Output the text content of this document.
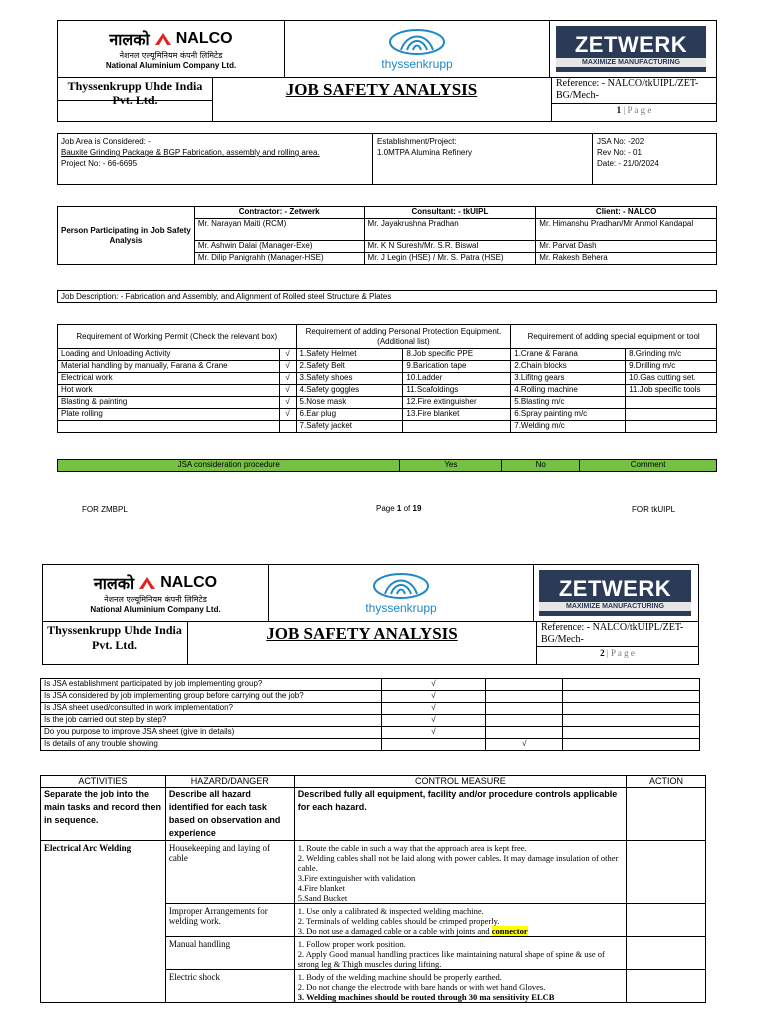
नालको NALCO
नेशनल एल्यूमिनियम कंपनी लिमिटेड
National Aluminium Company Ltd.	thyssenkrupp
ZETWERK
MAXIMIZE MANUFACTURING
Thyssenkrupp Uhde India Pvt. Ltd.
JOB SAFETY ANALYSIS	Reference: - NALCO/tkUIPL/ZET-BG/Mech-
1 | P a g e
Job Area is Considered: -
Bauxite Grinding Package & BGP Fabrication, assembly and rolling area.
Project No: - 66-6695
Establishment/Project:
1.0MTPA Alumina Refinery
JSA No: -202
Rev No: - 01
Date: - 21/0/2024
Person Participating in Job Safety Analysis	Contractor: - Zetwerk	Consultant: - tkUIPL	Client: - NALCO
	Mr. Narayan Maiti (RCM)	Mr. Jayakrushna Pradhan	Mr. Himanshu Pradhan/Mr Anmol Kandapal
	Mr. Ashwin Dalai (Manager-Exe)	Mr. K N Suresh/Mr. S.R. Biswal	Mr. Parvat Dash
	Mr. Dilip Panigrahh (Manager-HSE)	Mr. J Legin (HSE) / Mr. S. Patra (HSE)	Mr. Rakesh Behera
Job Description: - Fabrication and Assembly, and Alignment of Rolled steel Structure & Plates
Requirement of Working Permit (Check the relevant box)		Requirement of adding Personal Protection Equipment. (Additional list)		Requirement of adding special equipment or tool	
Loading and Unloading Activity	√	1.Safety Helmet	8.Job specific PPE	1.Crane & Farana	8.Grinding m/c
Material handling by manually, Farana & Crane	√	2.Safety Belt	9.Barication tape	2.Chain blocks	9.Drilling m/c
Electrical work	√	3.Safety shoes	10.Ladder	3.Lifitng gears	10.Gas cutting set.
Hot work	√	4.Safety goggles	11.Scafoldings	4.Rolling machine	11.Job specific tools
Blasting & painting	√	5.Nose mask	12.Fire extinguisher	5.Blasting m/c	
Plate rolling	√	6.Ear plug	13.Fire blanket	6.Spray painting m/c	
		7.Safety jacket		7.Welding m/c	
JSA consideration procedure	Yes	No	Comment
FOR ZMBPL	Page 1 of 19	FOR tkUIPL
नालको NALCO
नेशनल एल्यूमिनियम कंपनी लिमिटेड
National Aluminium Company Ltd.	thyssenkrupp
ZETWERK
MAXIMIZE MANUFACTURING
Thyssenkrupp Uhde India Pvt. Ltd.
JOB SAFETY ANALYSIS	Reference: - NALCO/tkUIPL/ZET-BG/Mech-
2 | P a g e
Is JSA establishment participated by job implementing group?	√		
Is JSA considered by job implementing group before carrying out the job?	√		
Is JSA sheet used/consulted in work implementation?	√		
Is the job carried out step by step?	√		
Do you purpose to improve JSA sheet (give in details)	√		
Is details of any trouble showing		√	
ACTIVITIES	HAZARD/DANGER	CONTROL MEASURE	ACTION
Separate the job into the main tasks and record then in sequence.	Describe all hazard identified for each task based on observation and experience	Described fully all equipment, facility and/or procedure controls applicable for each hazard.	
Electrical Arc Welding	Housekeeping and laying of cable	1. Route the cable in such a way that the approach area is kept free.
2. Welding cables shall not be laid along with power cables. It may damage insulation of other cable.
3.Fire extinguisher with validation
4.Fire blanket
5.Sand Bucket	

	Improper Arrangements for welding work.	1. Use only a calibrated & inspected welding machine.
2. Terminals of welding cables should be crimped properly.
3. Do not use a damaged cable or a cable with joints and connector	

	Manual handling	1. Follow proper work position.
2. Apply Good manual handling practices like maintaining natural shape of spine & use of strong leg & Thigh muscles during lifting.	

	Electric shock	1. Body of the welding machine should be properly earthed.
2. Do not change the electrode with bare hands or with wet hand Gloves.
3. Welding machines should be routed through 30 ma sensitivity ELCB	
